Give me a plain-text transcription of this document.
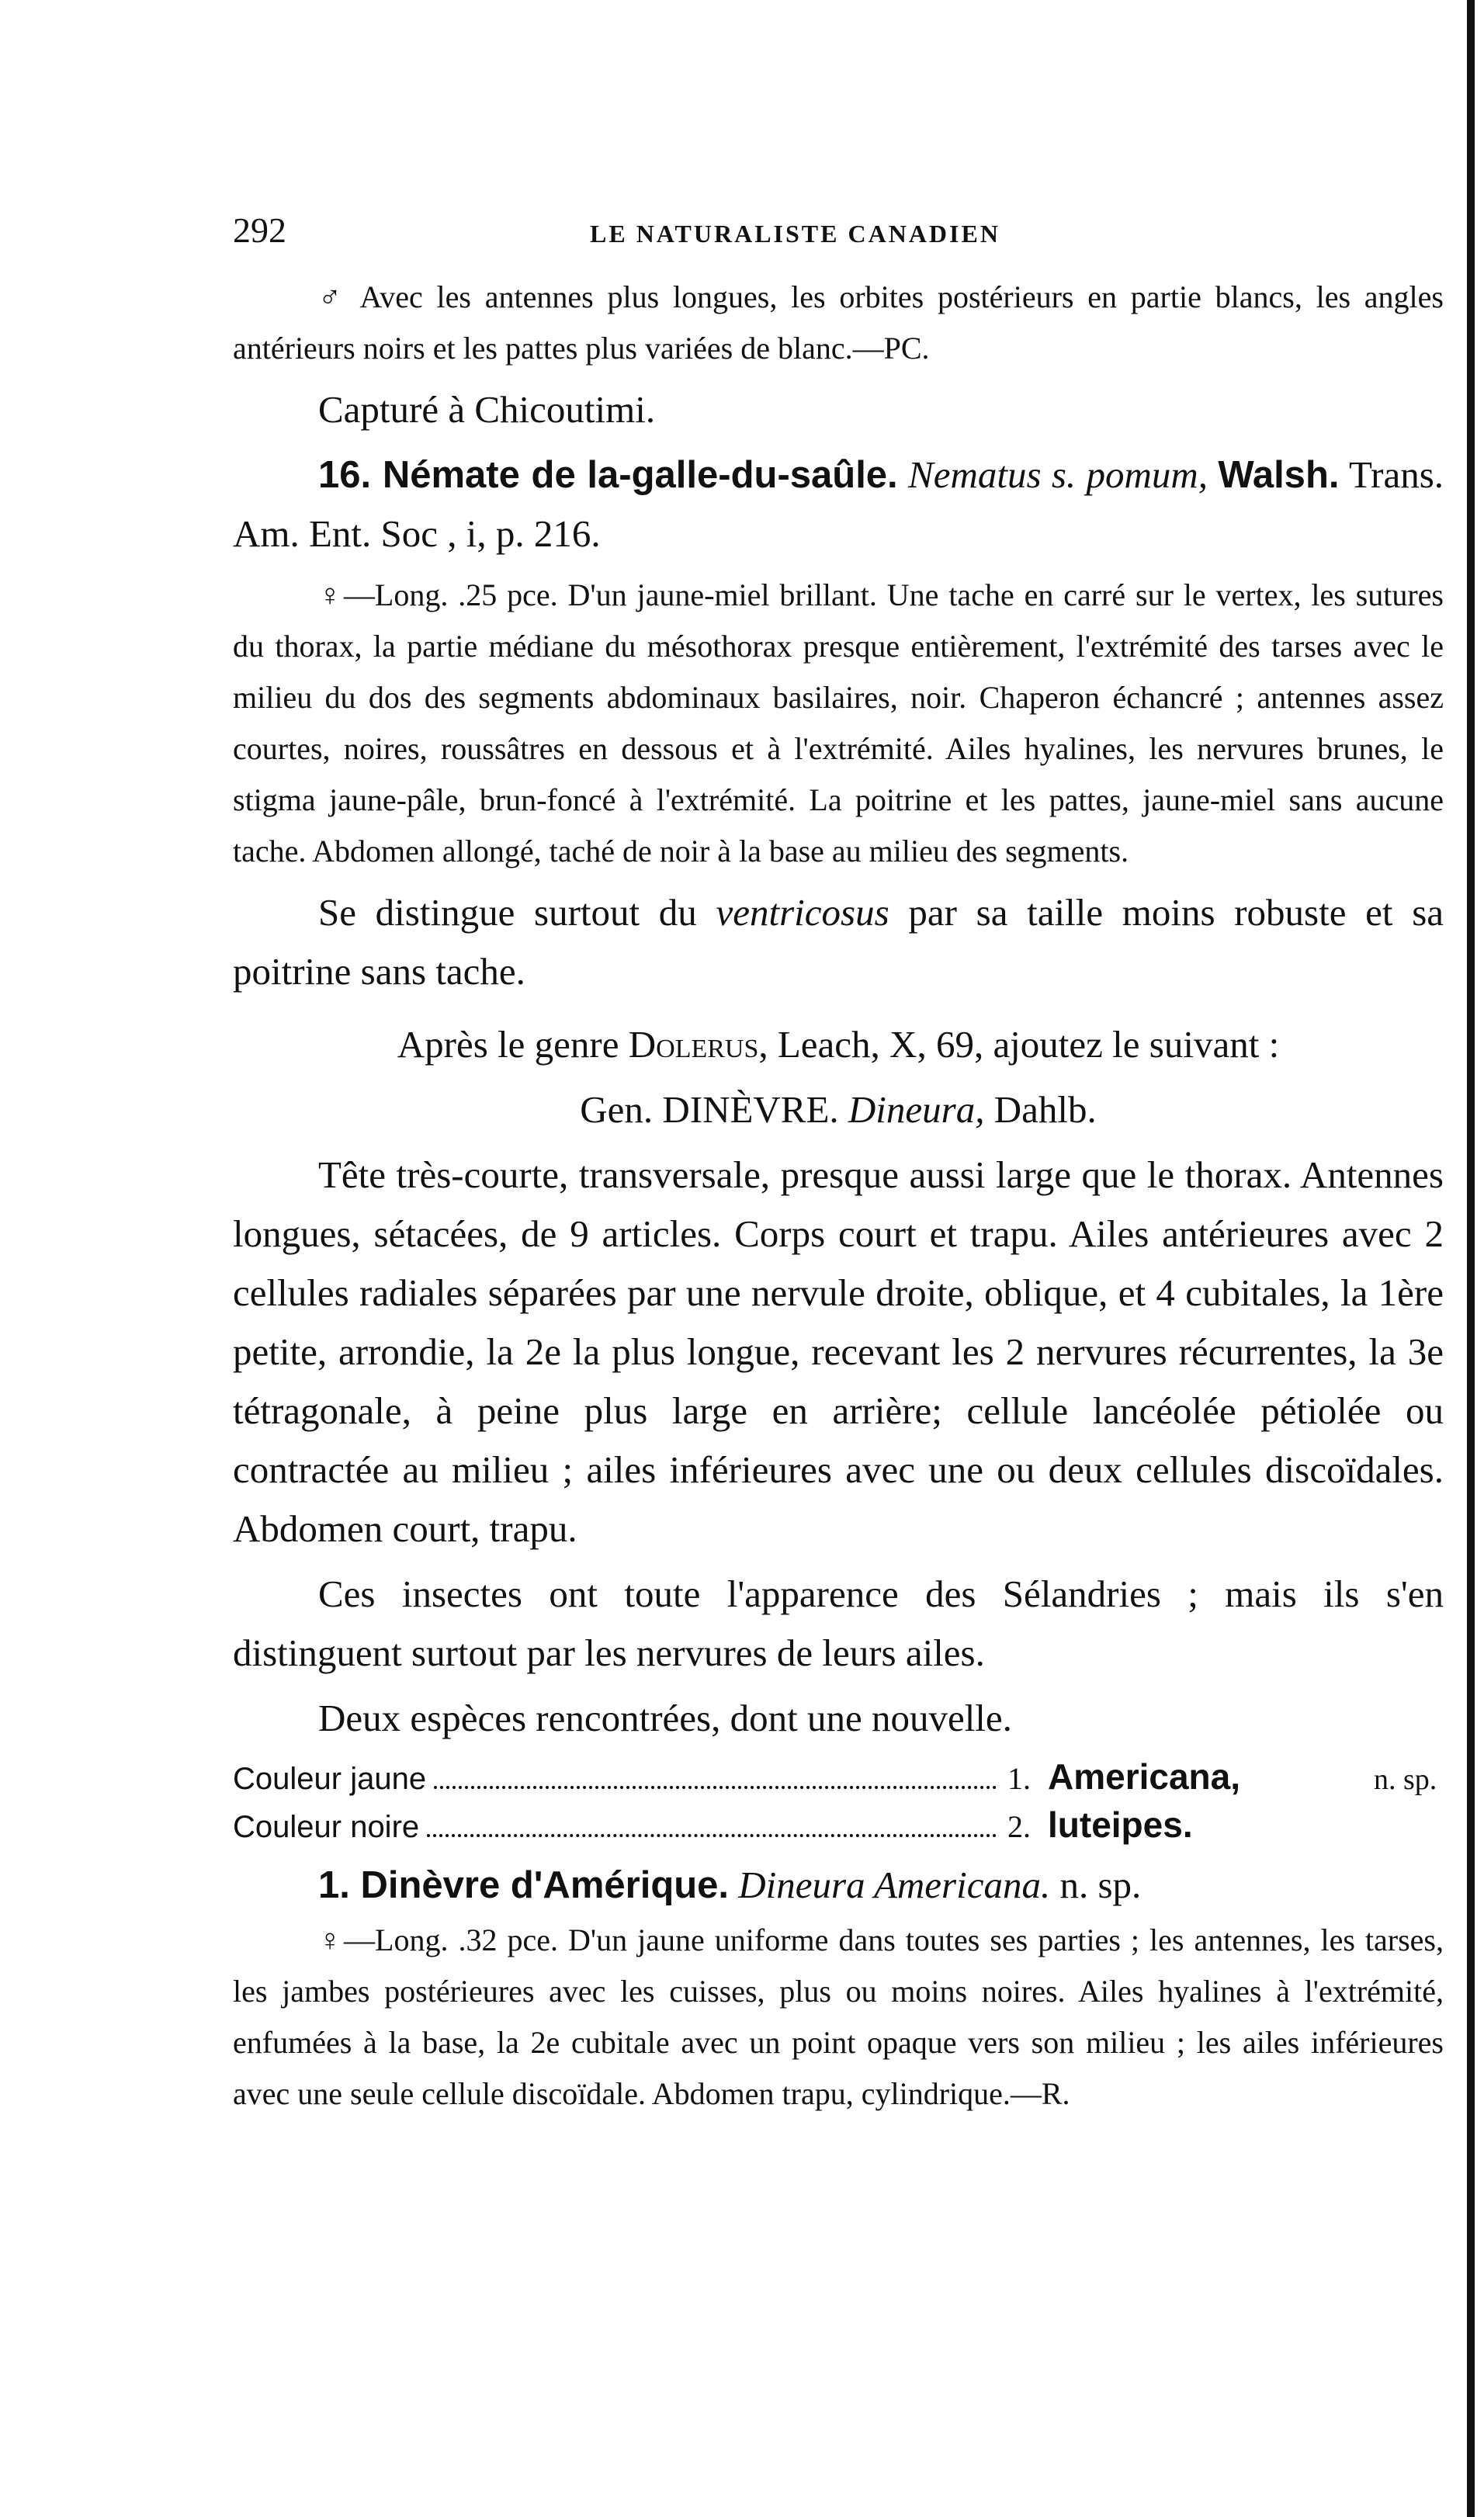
292	LE NATURALISTE CANADIEN

♂ Avec les antennes plus longues, les orbites postérieurs en partie blancs, les angles antérieurs noirs et les pattes plus variées de blanc.—PC.

Capturé à Chicoutimi.

16. Némate de la-galle-du-saûle. Nematus s. pomum, Walsh. Trans. Am. Ent. Soc , i, p. 216.

♀—Long. .25 pce. D'un jaune-miel brillant. Une tache en carré sur le vertex, les sutures du thorax, la partie médiane du mésothorax presque entièrement, l'extrémité des tarses avec le milieu du dos des segments abdominaux basilaires, noir. Chaperon échancré ; antennes assez courtes, noires, roussâtres en dessous et à l'extrémité. Ailes hyalines, les nervures brunes, le stigma jaune-pâle, brun-foncé à l'extrémité. La poitrine et les pattes, jaune-miel sans aucune tache. Abdomen allongé, taché de noir à la base au milieu des segments.

Se distingue surtout du ventricosus par sa taille moins robuste et sa poitrine sans tache.

Après le genre Dolerus, Leach, X, 69, ajoutez le suivant :

Gen. DINÈVRE. Dineura, Dahlb.

Tête très-courte, transversale, presque aussi large que le thorax. Antennes longues, sétacées, de 9 articles. Corps court et trapu. Ailes antérieures avec 2 cellules radiales séparées par une nervule droite, oblique, et 4 cubitales, la 1ère petite, arrondie, la 2e la plus longue, recevant les 2 nervures récurrentes, la 3e tétragonale, à peine plus large en arrière; cellule lancéolée pétiolée ou contractée au milieu ; ailes inférieures avec une ou deux cellules discoïdales. Abdomen court, trapu.

Ces insectes ont toute l'apparence des Sélandries ; mais ils s'en distinguent surtout par les nervures de leurs ailes.

Deux espèces rencontrées, dont une nouvelle.

Couleur jaune	1. Americana,	n. sp.
Couleur noire	2. luteipes.

1. Dinèvre d'Amérique. Dineura Americana. n. sp.

♀—Long. .32 pce. D'un jaune uniforme dans toutes ses parties ; les antennes, les tarses, les jambes postérieures avec les cuisses, plus ou moins noires. Ailes hyalines à l'extrémité, enfumées à la base, la 2e cubitale avec un point opaque vers son milieu ; les ailes inférieures avec une seule cellule discoïdale. Abdomen trapu, cylindrique.—R.
